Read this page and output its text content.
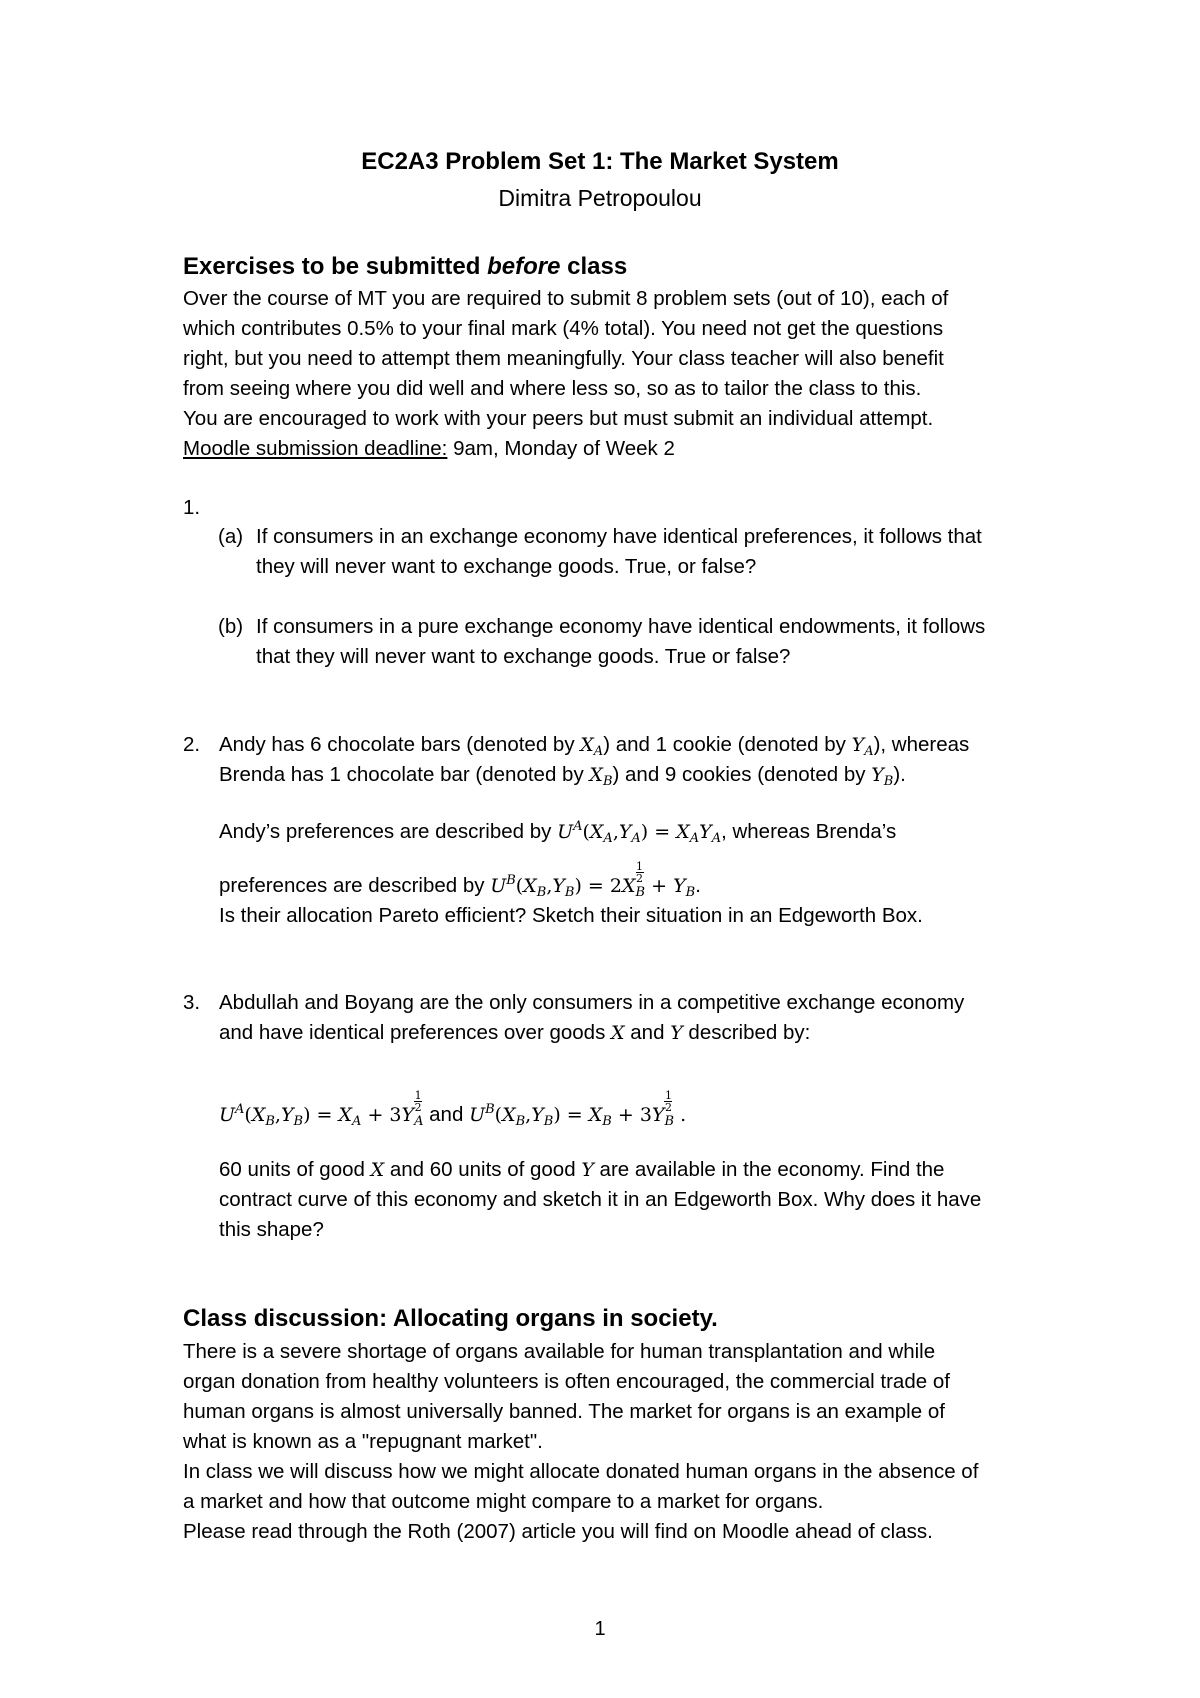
EC2A3 Problem Set 1: The Market System
Dimitra Petropoulou
Exercises to be submitted before class
Over the course of MT you are required to submit 8 problem sets (out of 10), each of
which contributes 0.5% to your final mark (4% total). You need not get the questions
right, but you need to attempt them meaningfully. Your class teacher will also benefit
from seeing where you did well and where less so, so as to tailor the class to this.
You are encouraged to work with your peers but must submit an individual attempt.
Moodle submission deadline: 9am, Monday of Week 2
1.
(a) If consumers in an exchange economy have identical preferences, it follows that
they will never want to exchange goods. True, or false?
(b) If consumers in a pure exchange economy have identical endowments, it follows
that they will never want to exchange goods. True or false?
2. Andy has 6 chocolate bars (denoted by $X_A$) and 1 cookie (denoted by $Y_A$), whereas
Brenda has 1 chocolate bar (denoted by $X_B$) and 9 cookies (denoted by $Y_B$).
Andy’s preferences are described by $U^A(X_A,Y_A) = X_AY_A$, whereas Brenda’s
preferences are described by $U^B(X_B,Y_B) = 2X$
$\frac{1}{2}$
$_B + Y_B$.
Is their allocation Pareto efficient? Sketch their situation in an Edgeworth Box.
3. Abdullah and Boyang are the only consumers in a competitive exchange economy
and have identical preferences over goods X and Y described by:
$U^A(X_B,Y_B) = X_A + 3Y$
$\frac{1}{2}$
$_A$ and $U^B(X_B,Y_B) = X_B + 3Y$
$\frac{1}{2}$
$_B$ .
60 units of good X and 60 units of good Y are available in the economy. Find the
contract curve of this economy and sketch it in an Edgeworth Box. Why does it have
this shape?
Class discussion: Allocating organs in society.
There is a severe shortage of organs available for human transplantation and while
organ donation from healthy volunteers is often encouraged, the commercial trade of
human organs is almost universally banned. The market for organs is an example of
what is known as a "repugnant market".
In class we will discuss how we might allocate donated human organs in the absence of
a market and how that outcome might compare to a market for organs.
Please read through the Roth (2007) article you will find on Moodle ahead of class.
1
